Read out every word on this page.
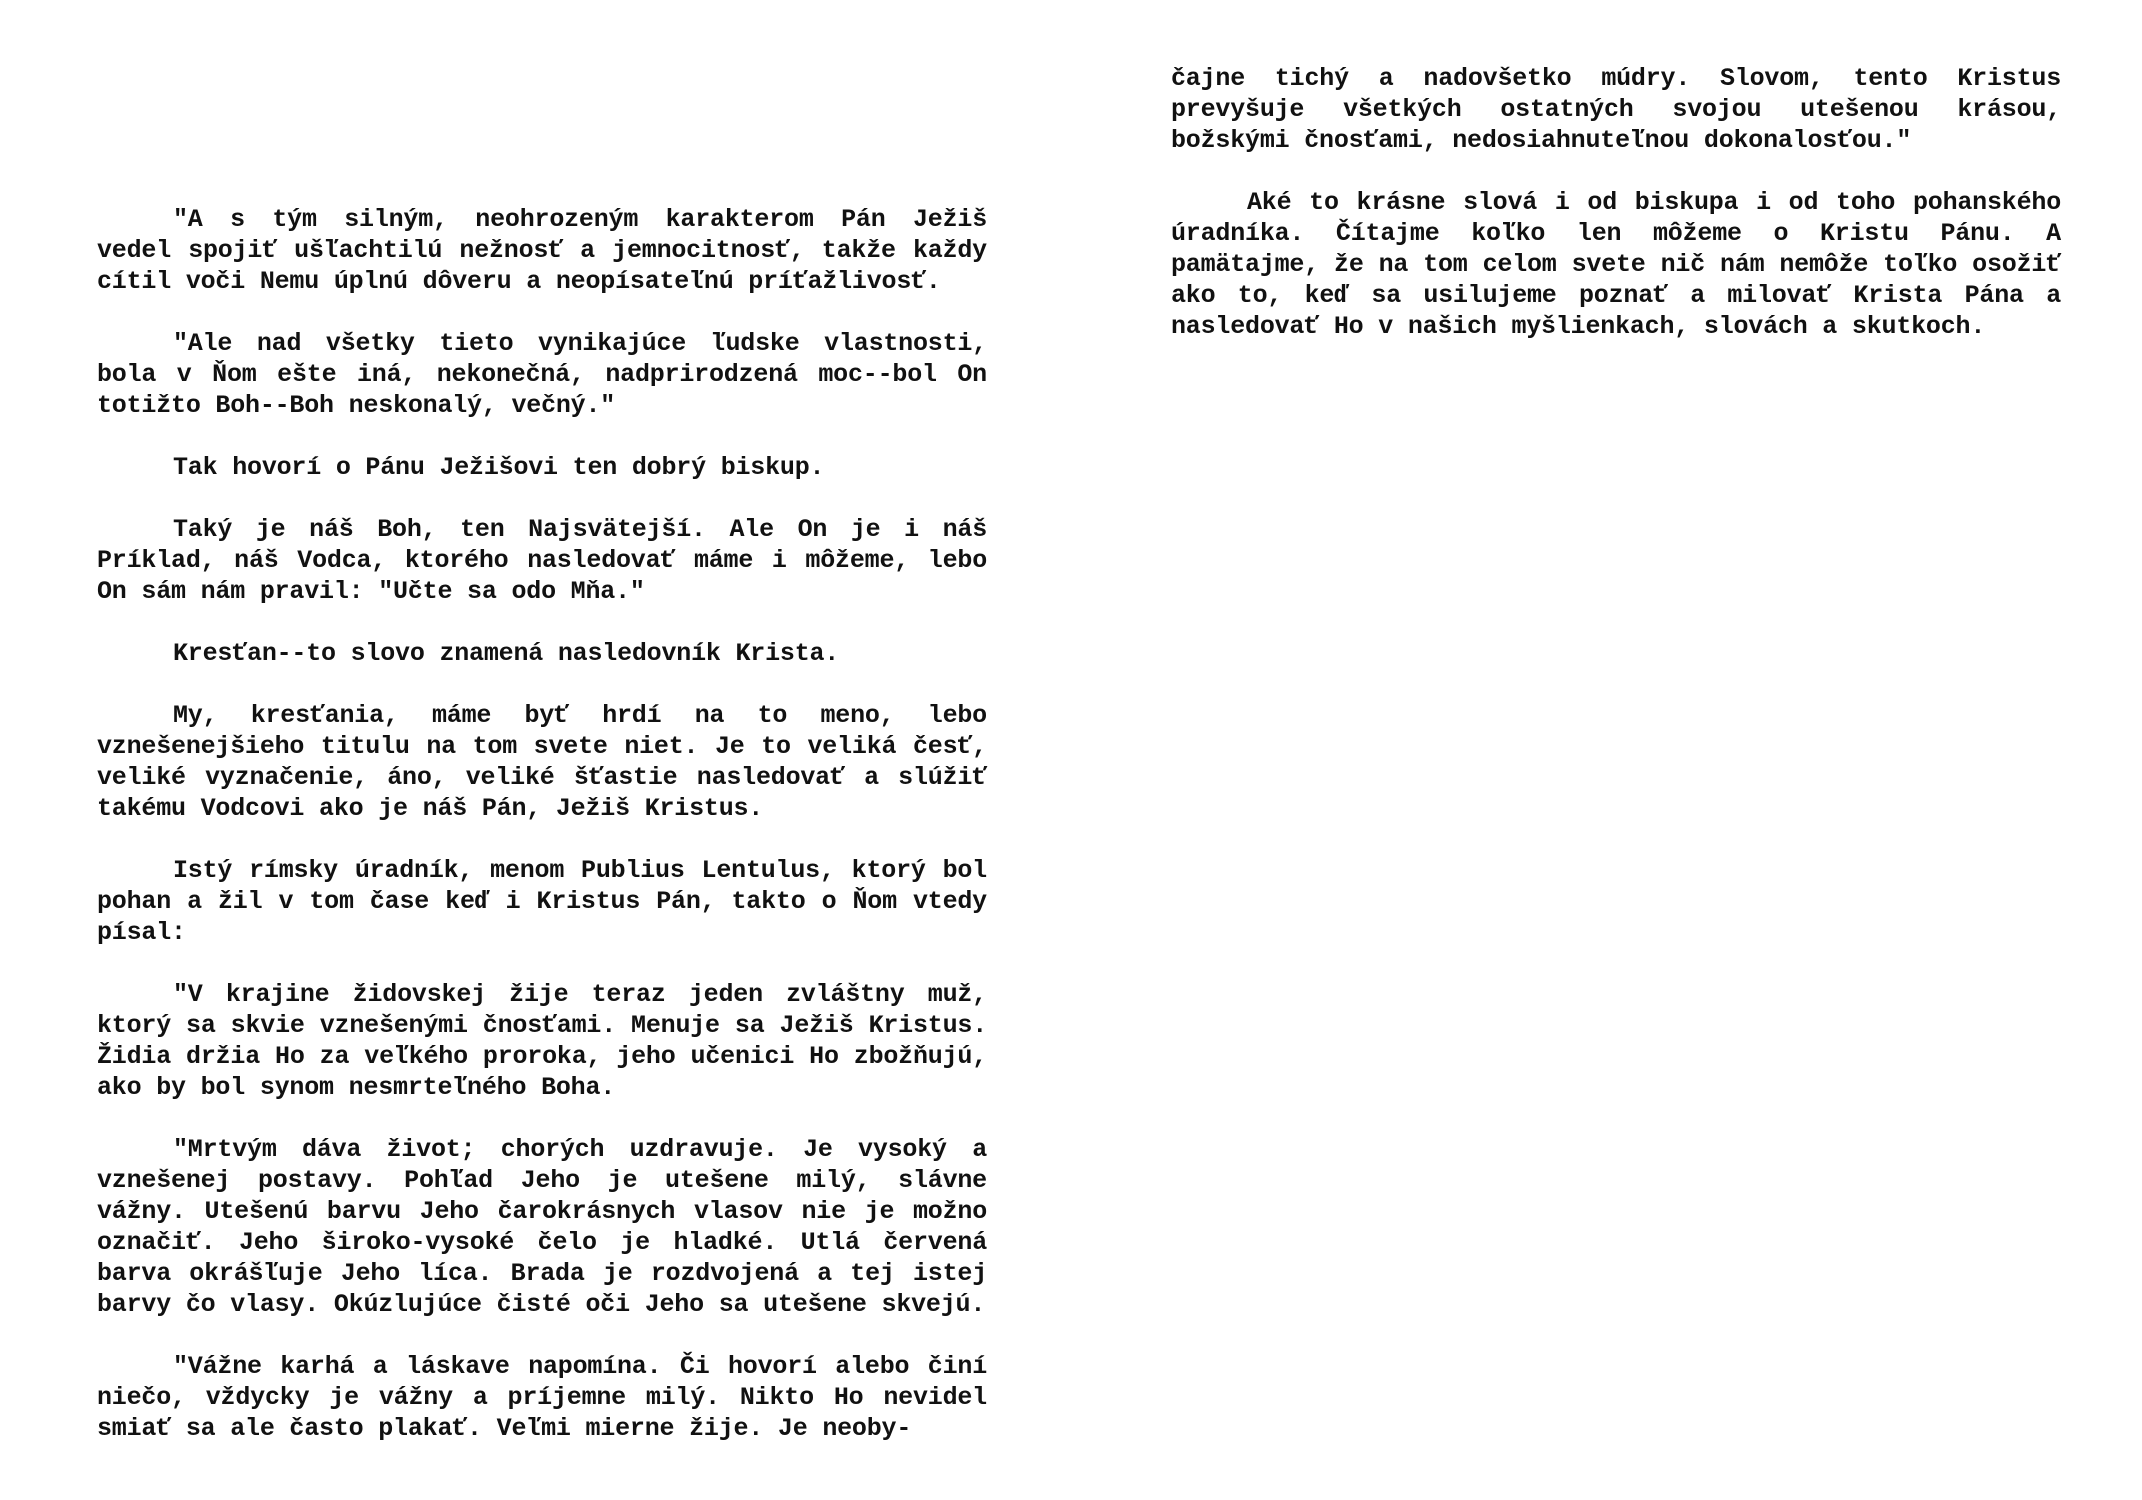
"A s tým silným, neohrozeným karakterom Pán Ježiš vedel spojiť ušľachtilú nežnosť a jemnocitnosť, takže každy cítil voči Nemu úplnú dôveru a neopísateľnú príťažlivosť.

"Ale nad všetky tieto vynikajúce ľudske vlastnosti, bola v Ňom ešte iná, nekonečná, nadprirodzená moc--bol On totižto Boh--Boh neskonalý, večný."

Tak hovorí o Pánu Ježišovi ten dobrý biskup.

Taký je náš Boh, ten Najsvätejší. Ale On je i náš Príklad, náš Vodca, ktorého nasledovať máme i môžeme, lebo On sám nám pravil: "Učte sa odo Mňa."

Kresťan--to slovo znamená nasledovník Krista.

My, kresťania, máme byť hrdí na to meno, lebo vznešenejšieho titulu na tom svete niet. Je to veliká česť, veliké vyznačenie, áno, veliké šťastie nasledovať a slúžiť takému Vodcovi ako je náš Pán, Ježiš Kristus.

Istý rímsky úradník, menom Publius Lentulus, ktorý bol pohan a žil v tom čase keď i Kristus Pán, takto o Ňom vtedy písal:

"V krajine židovskej žije teraz jeden zvláštny muž, ktorý sa skvie vznešenými čnosťami. Menuje sa Ježiš Kristus. Židia držia Ho za veľkého proroka, jeho učenici Ho zbožňujú, ako by bol synom nesmrteľného Boha.

"Mrtvým dáva život; chorých uzdravuje. Je vysoký a vznešenej postavy. Pohľad Jeho je utešene milý, slávne vážny. Utešenú barvu Jeho čarokrásnych vlasov nie je možno označiť. Jeho široko-vysoké čelo je hladké. Utlá červená barva okrášľuje Jeho líca. Brada je rozdvojená a tej istej barvy čo vlasy. Okúzlujúce čisté oči Jeho sa utešene skvejú.

"Vážne karhá a láskave napomína. Či hovorí alebo činí niečo, vždycky je vážny a príjemne milý. Nikto Ho nevidel smiať sa ale často plakať. Veľmi mierne žije. Je neoby-

čajne tichý a nadovšetko múdry. Slovom, tento Kristus prevyšuje všetkých ostatných svojou utešenou krásou, božskými čnosťami, nedosiahnuteľnou dokonalosťou."

Aké to krásne slová i od biskupa i od toho pohanského úradníka. Čítajme koľko len môžeme o Kristu Pánu. A pamätajme, že na tom celom svete nič nám nemôže toľko osožiť ako to, keď sa usilujeme poznať a milovať Krista Pána a nasledovať Ho v našich myšlienkach, slovách a skutkoch.
